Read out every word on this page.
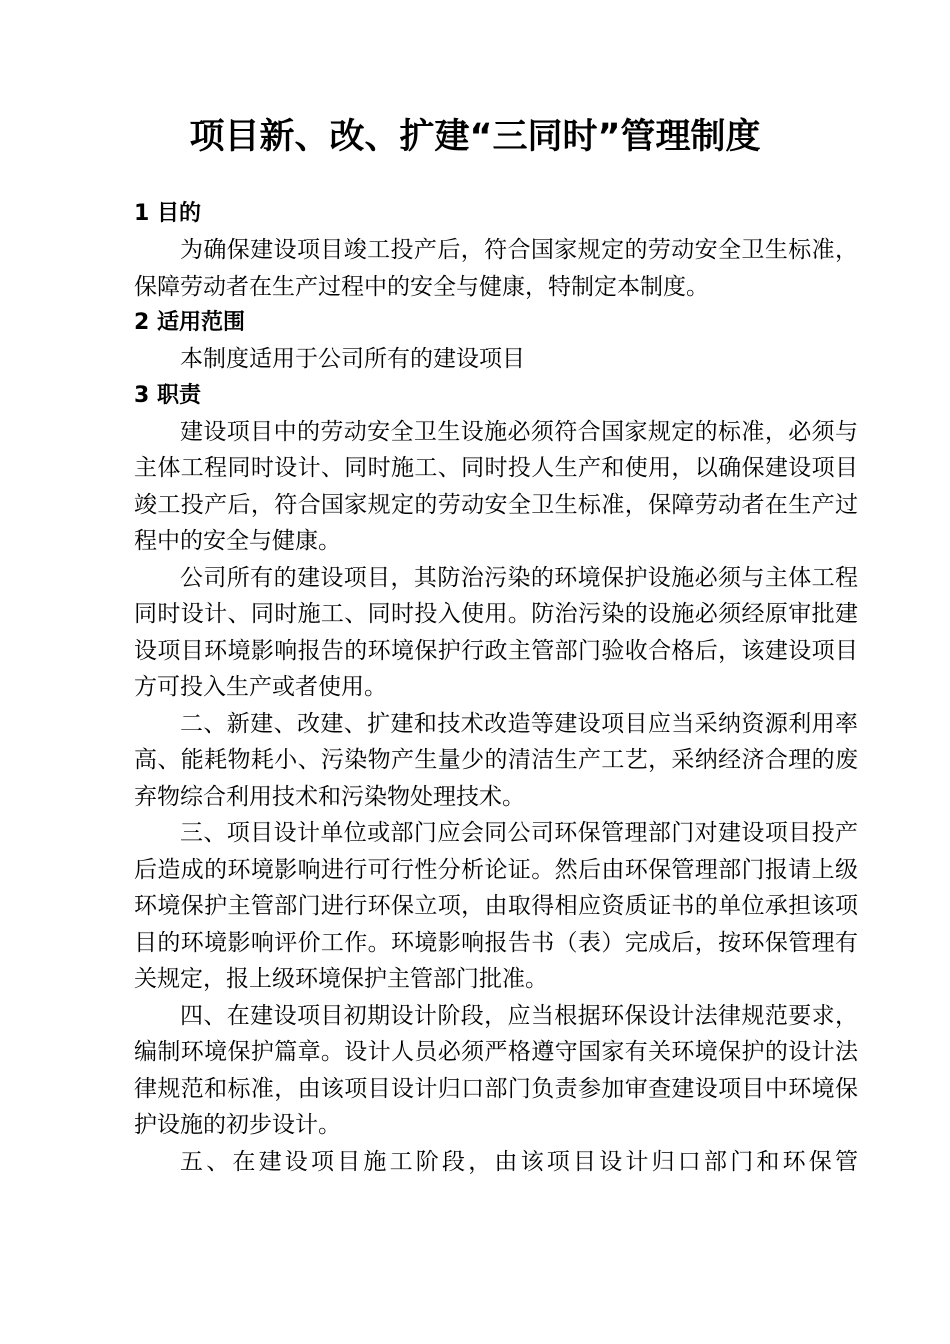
项目新、改、扩建“三同时”管理制度

1 目的

为确保建设项目竣工投产后，符合国家规定的劳动安全卫生标准，保障劳动者在生产过程中的安全与健康，特制定本制度。

2 适用范围

本制度适用于公司所有的建设项目

3 职责

建设项目中的劳动安全卫生设施必须符合国家规定的标准，必须与主体工程同时设计、同时施工、同时投人生产和使用，以确保建设项目竣工投产后，符合国家规定的劳动安全卫生标准，保障劳动者在生产过程中的安全与健康。

公司所有的建设项目，其防治污染的环境保护设施必须与主体工程同时设计、同时施工、同时投入使用。防治污染的设施必须经原审批建设项目环境影响报告的环境保护行政主管部门验收合格后，该建设项目方可投入生产或者使用。

二、新建、改建、扩建和技术改造等建设项目应当采纳资源利用率高、能耗物耗小、污染物产生量少的清洁生产工艺，采纳经济合理的废弃物综合利用技术和污染物处理技术。

三、项目设计单位或部门应会同公司环保管理部门对建设项目投产后造成的环境影响进行可行性分析论证。然后由环保管理部门报请上级环境保护主管部门进行环保立项，由取得相应资质证书的单位承担该项目的环境影响评价工作。环境影响报告书（表）完成后，按环保管理有关规定，报上级环境保护主管部门批准。

四、在建设项目初期设计阶段，应当根据环保设计法律规范要求，编制环境保护篇章。设计人员必须严格遵守国家有关环境保护的设计法律规范和标准，由该项目设计归口部门负责参加审查建设项目中环境保护设施的初步设计。

五、在建设项目施工阶段，由该项目设计归口部门和环保管
